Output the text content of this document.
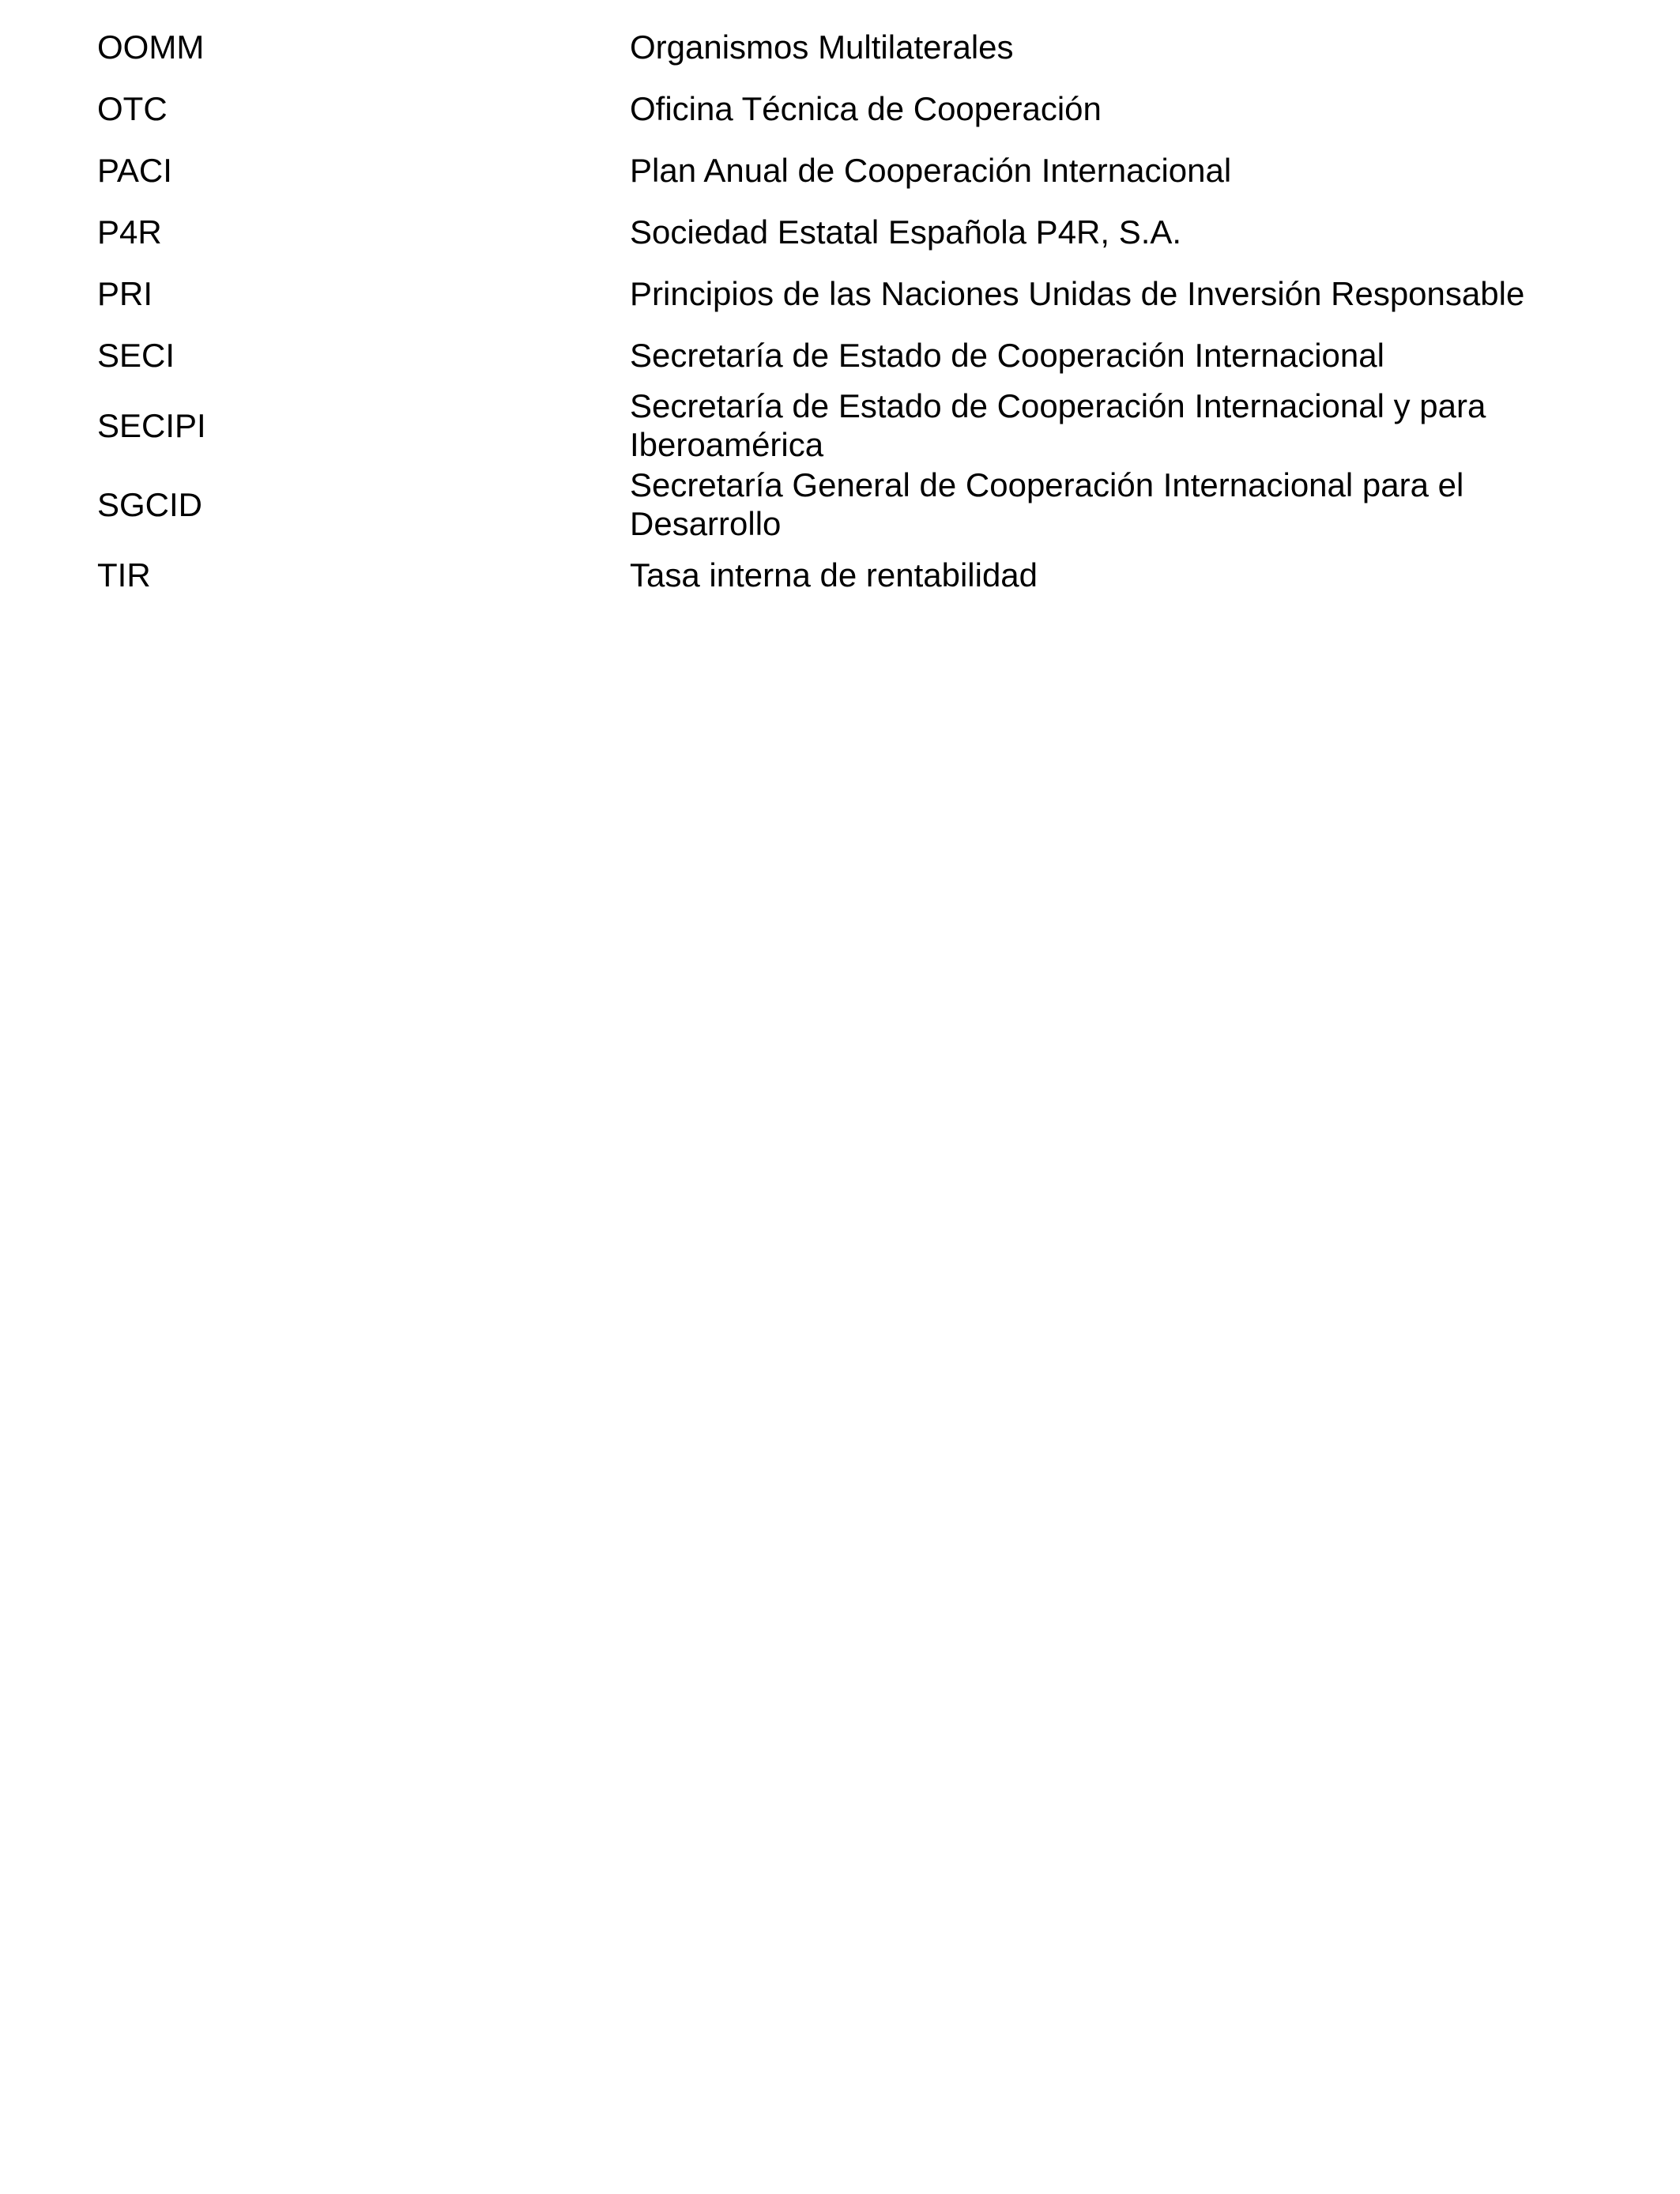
OOMM	Organismos Multilaterales
OTC	Oficina Técnica de Cooperación
PACI	Plan Anual de Cooperación Internacional
P4R	Sociedad Estatal Española P4R, S.A.
PRI	Principios de las Naciones Unidas de Inversión Responsable
SECI	Secretaría de Estado de Cooperación Internacional
SECIPI	Secretaría de Estado de Cooperación Internacional y para Iberoamérica
SGCID	Secretaría General de Cooperación Internacional para el Desarrollo
TIR	Tasa interna de rentabilidad
